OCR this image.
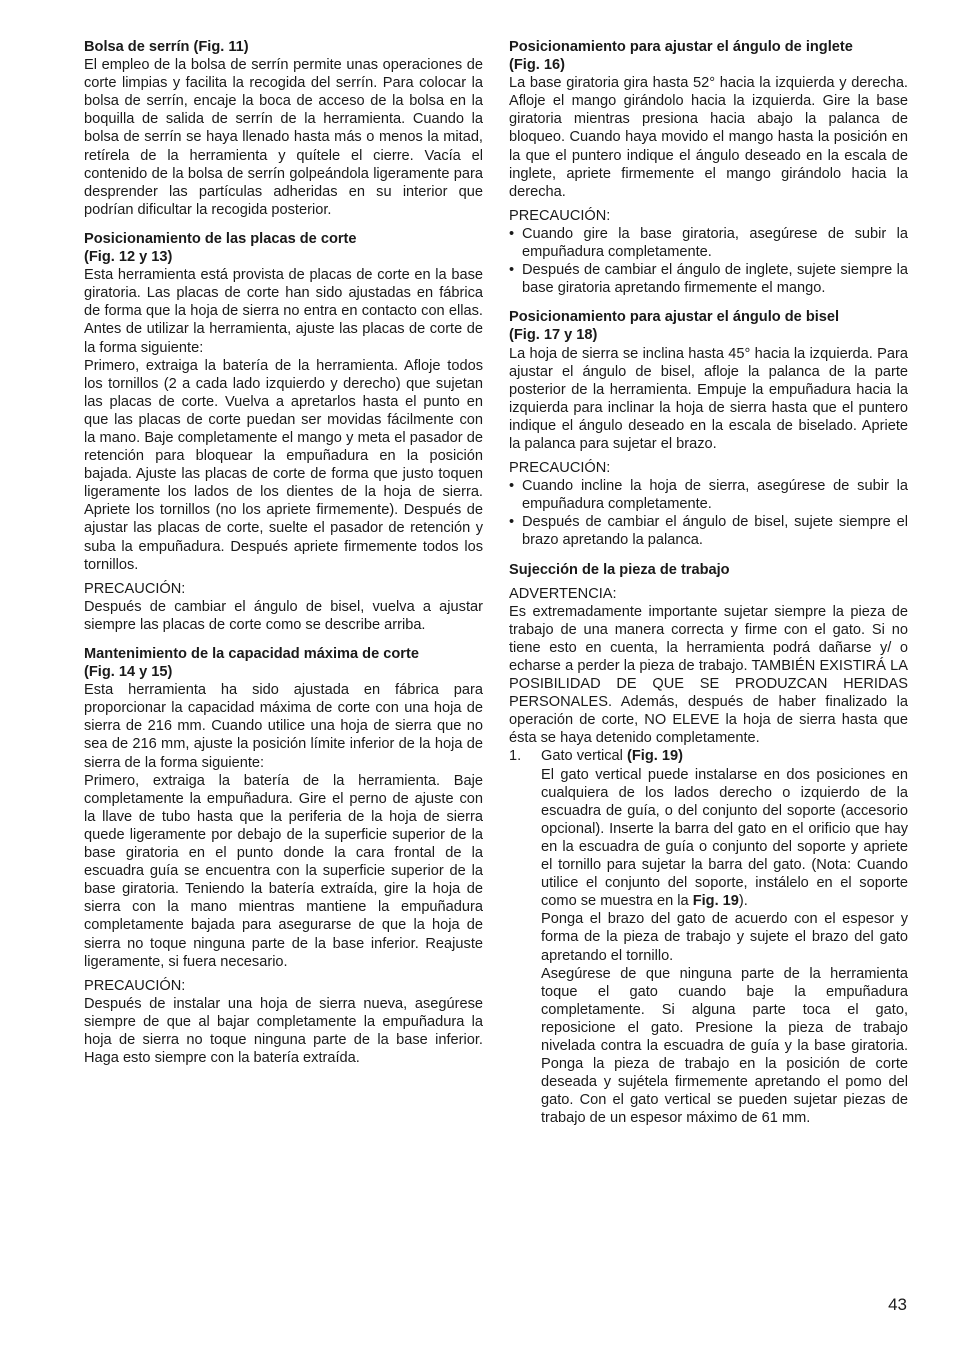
Bolsa de serrín (Fig. 11)

El empleo de la bolsa de serrín permite unas operaciones de corte limpias y facilita la recogida del serrín. Para colocar la bolsa de serrín, encaje la boca de acceso de la bolsa en la boquilla de salida de serrín de la herramienta. Cuando la bolsa de serrín se haya llenado hasta más o menos la mitad, retírela de la herramienta y quítele el cierre. Vacía el contenido de la bolsa de serrín golpeándola ligeramente para desprender las partículas adheridas en su interior que podrían dificultar la recogida posterior.

Posicionamiento de las placas de corte
(Fig. 12 y 13)

Esta herramienta está provista de placas de corte en la base giratoria. Las placas de corte han sido ajustadas en fábrica de forma que la hoja de sierra no entra en contacto con ellas. Antes de utilizar la herramienta, ajuste las placas de corte de la forma siguiente:

Primero, extraiga la batería de la herramienta. Afloje todos los tornillos (2 a cada lado izquierdo y derecho) que sujetan las placas de corte. Vuelva a apretarlos hasta el punto en que las placas de corte puedan ser movidas fácilmente con la mano. Baje completamente el mango y meta el pasador de retención para bloquear la empuñadura en la posición bajada. Ajuste las placas de corte de forma que justo toquen ligeramente los lados de los dientes de la hoja de sierra. Apriete los tornillos (no los apriete firmemente). Después de ajustar las placas de corte, suelte el pasador de retención y suba la empuñadura. Después apriete firmemente todos los tornillos.

PRECAUCIÓN:

Después de cambiar el ángulo de bisel, vuelva a ajustar siempre las placas de corte como se describe arriba.

Mantenimiento de la capacidad máxima de corte
(Fig. 14 y 15)

Esta herramienta ha sido ajustada en fábrica para proporcionar la capacidad máxima de corte con una hoja de sierra de 216 mm. Cuando utilice una hoja de sierra que no sea de 216 mm, ajuste la posición límite inferior de la hoja de sierra de la forma siguiente:

Primero, extraiga la batería de la herramienta. Baje completamente la empuñadura. Gire el perno de ajuste con la llave de tubo hasta que la periferia de la hoja de sierra quede ligeramente por debajo de la superficie superior de la base giratoria en el punto donde la cara frontal de la escuadra guía se encuentra con la superficie superior de la base giratoria. Teniendo la batería extraída, gire la hoja de sierra con la mano mientras mantiene la empuñadura completamente bajada para asegurarse de que la hoja de sierra no toque ninguna parte de la base inferior. Reajuste ligeramente, si fuera necesario.

PRECAUCIÓN:

Después de instalar una hoja de sierra nueva, asegúrese siempre de que al bajar completamente la empuñadura la hoja de sierra no toque ninguna parte de la base inferior. Haga esto siempre con la batería extraída.

Posicionamiento para ajustar el ángulo de inglete
(Fig. 16)

La base giratoria gira hasta 52° hacia la izquierda y derecha. Afloje el mango girándolo hacia la izquierda. Gire la base giratoria mientras presiona hacia abajo la palanca de bloqueo. Cuando haya movido el mango hasta la posición en la que el puntero indique el ángulo deseado en la escala de inglete, apriete firmemente el mango girándolo hacia la derecha.

PRECAUCIÓN:
• Cuando gire la base giratoria, asegúrese de subir la empuñadura completamente.
• Después de cambiar el ángulo de inglete, sujete siempre la base giratoria apretando firmemente el mango.
Posicionamiento para ajustar el ángulo de bisel
(Fig. 17 y 18)

La hoja de sierra se inclina hasta 45° hacia la izquierda. Para ajustar el ángulo de bisel, afloje la palanca de la parte posterior de la herramienta. Empuje la empuñadura hacia la izquierda para inclinar la hoja de sierra hasta que el puntero indique el ángulo deseado en la escala de biselado. Apriete la palanca para sujetar el brazo.

PRECAUCIÓN:
• Cuando incline la hoja de sierra, asegúrese de subir la empuñadura completamente.
• Después de cambiar el ángulo de bisel, sujete siempre el brazo apretando la palanca.
Sujección de la pieza de trabajo
ADVERTENCIA:

Es extremadamente importante sujetar siempre la pieza de trabajo de una manera correcta y firme con el gato. Si no tiene esto en cuenta, la herramienta podrá dañarse y/ o echarse a perder la pieza de trabajo. TAMBIÉN EXISTIRÁ LA POSIBILIDAD DE QUE SE PRODUZCAN HERIDAS PERSONALES. Además, después de haber finalizado la operación de corte, NO ELEVE la hoja de sierra hasta que ésta se haya detenido completamente.

1. Gato vertical (Fig. 19)

El gato vertical puede instalarse en dos posiciones en cualquiera de los lados derecho o izquierdo de la escuadra de guía, o del conjunto del soporte (accesorio opcional). Inserte la barra del gato en el orificio que hay en la escuadra de guía o conjunto del soporte y apriete el tornillo para sujetar la barra del gato. (Nota: Cuando utilice el conjunto del soporte, instálelo en el soporte como se muestra en la Fig. 19).

Ponga el brazo del gato de acuerdo con el espesor y forma de la pieza de trabajo y sujete el brazo del gato apretando el tornillo.

Asegúrese de que ninguna parte de la herramienta toque el gato cuando baje la empuñadura completamente. Si alguna parte toca el gato, reposicione el gato. Presione la pieza de trabajo nivelada contra la escuadra de guía y la base giratoria. Ponga la pieza de trabajo en la posición de corte deseada y sujétela firmemente apretando el pomo del gato. Con el gato vertical se pueden sujetar piezas de trabajo de un espesor máximo de 61 mm.

43
